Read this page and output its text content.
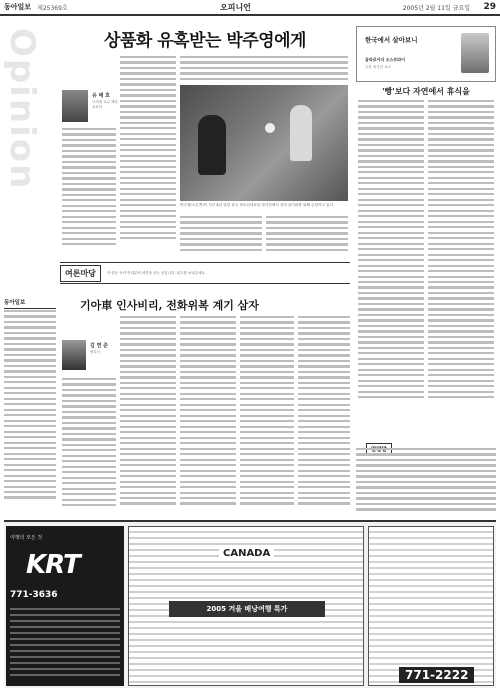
동아일보 제25369호	오피니언	2005년 2월 11일 금요일 29
Opinion	상품화 유혹받는 박주영에게
유 태 호
고려대 교수 체육교육학
박주영(오른쪽)이 지난 4일 열린 한국 청소년대표팀 평가전에서 상대 골키퍼를 피해 슈팅하고 있다.
한국에서 살아보니
글라로이다 오스트라이
주한 외국인 교수
'빵'보다 자연에서 휴식을
여론마당	이 란은 독자 여러분의 의견을 싣는 곳입니다. 원고를 보내주세요.
기아車 인사비리, 전화위복 계기 삼자
김 연 준
변호사
동아일보
여행의 모든 것
KRT
771-3636
CANADA
2005 겨울 배낭여행 특가
771-2222
